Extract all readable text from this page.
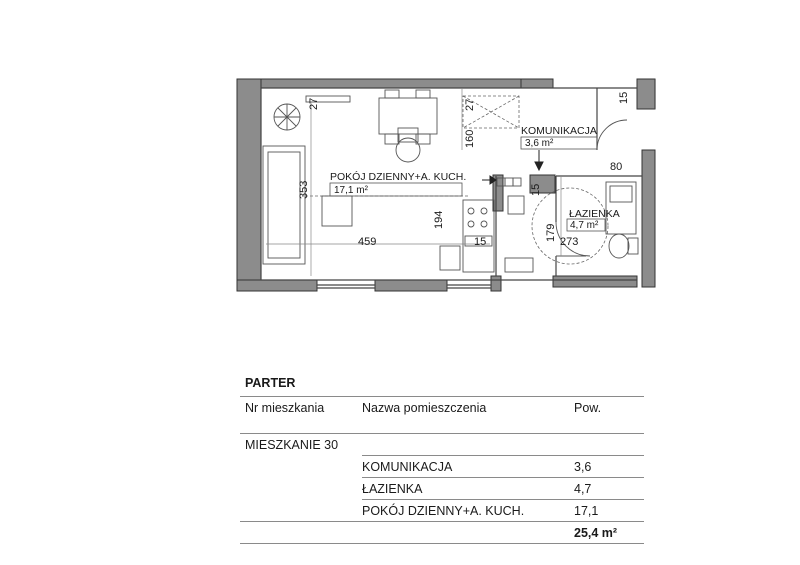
POKÓJ DZIENNY+A. KUCH.
17,1 m²
KOMUNIKACJA
3,6 m²
ŁAZIENKA
4,7 m²
27	27
15
160
80
353
194
459	15
15
179 273
PARTER
Nr mieszkania	Nazwa pomieszczenia	Pow.
MIESZKANIE 30
KOMUNIKACJA	3,6
ŁAZIENKA	4,7
POKÓJ DZIENNY+A. KUCH.	17,1
25,4 m²
